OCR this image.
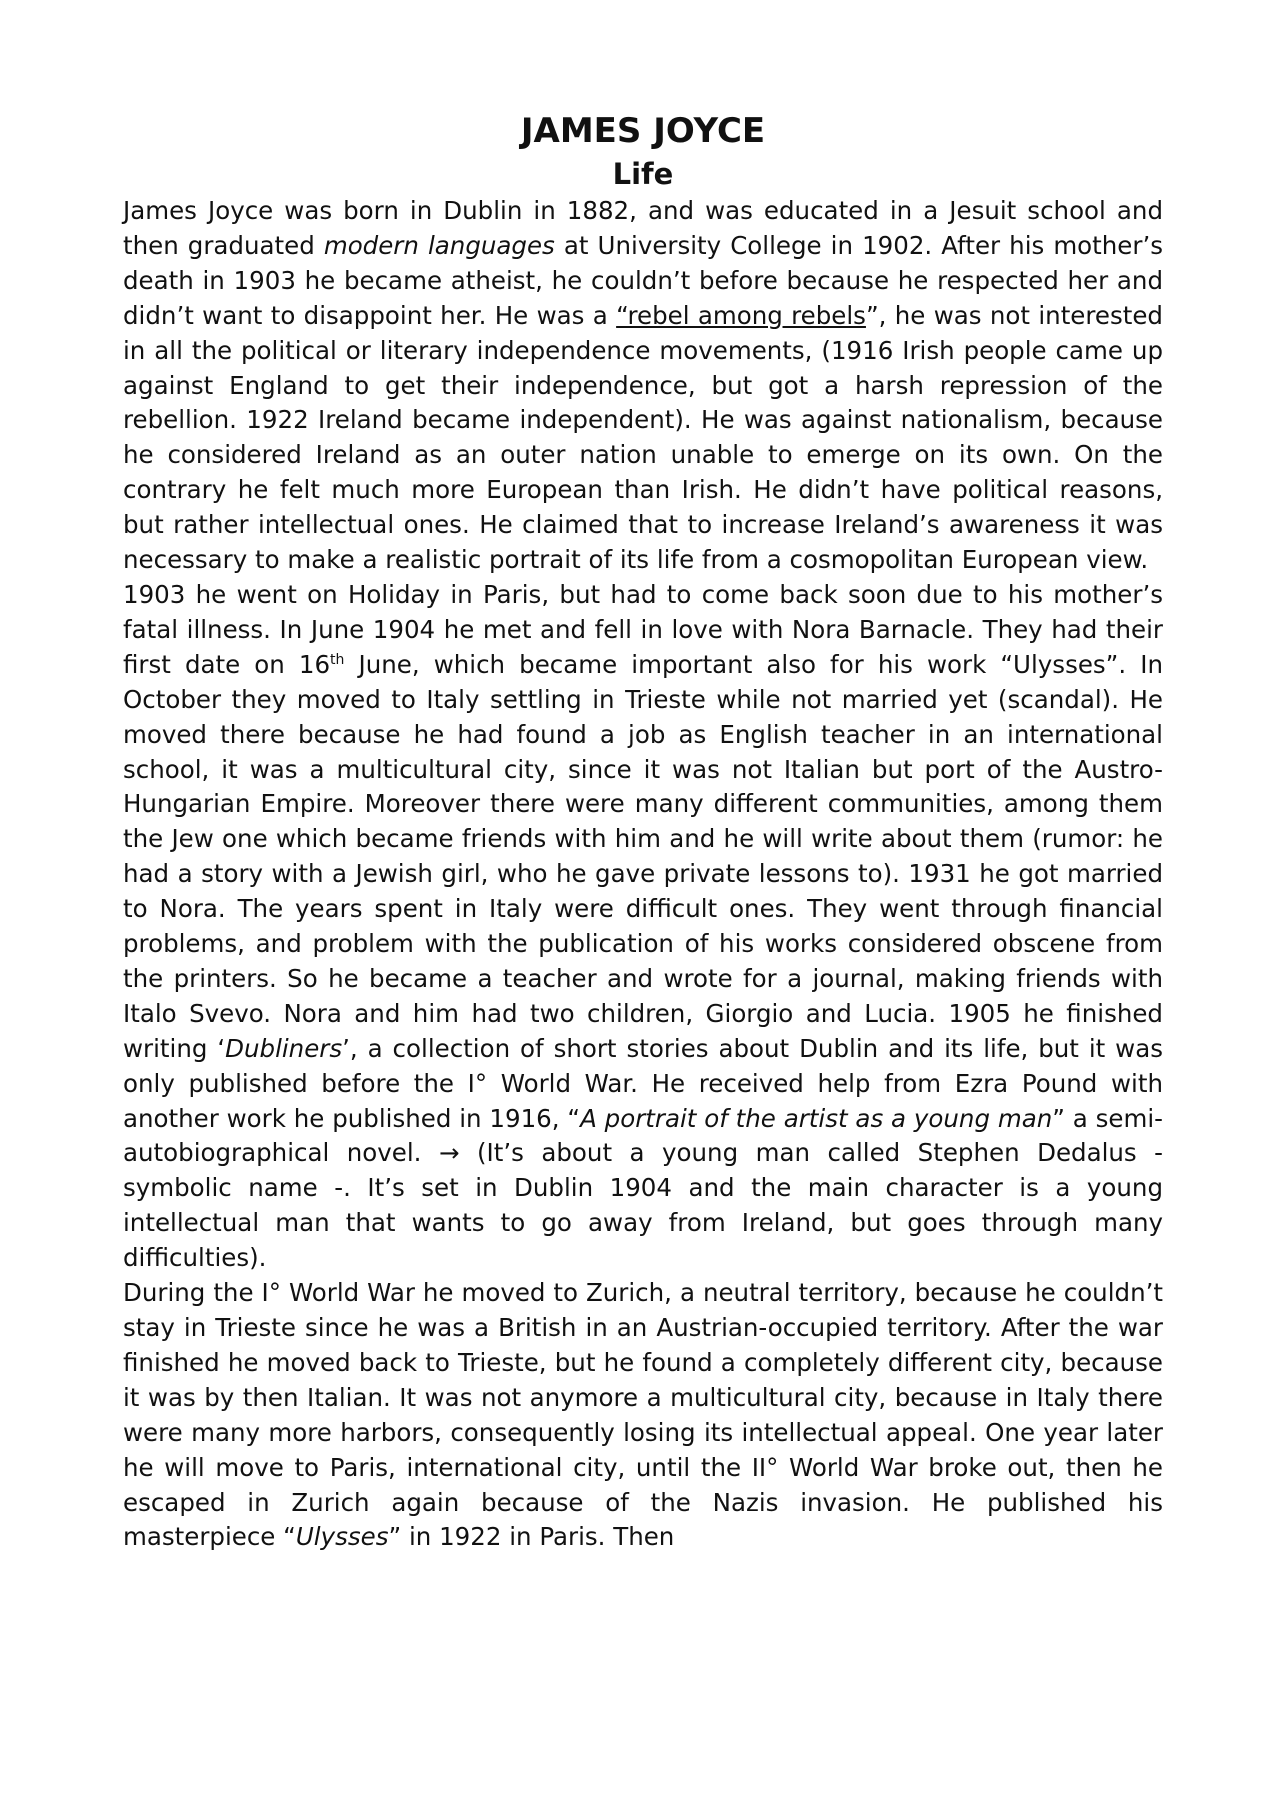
JAMES JOYCE
Life

James Joyce was born in Dublin in 1882, and was educated in a Jesuit school and then graduated modern languages at University College in 1902. After his mother’s death in 1903 he became atheist, he couldn’t before because he respected her and didn’t want to disappoint her. He was a “rebel among rebels”, he was not interested in all the political or literary independence movements, (1916 Irish people came up against England to get their independence, but got a harsh repression of the rebellion. 1922 Ireland became independent). He was against nationalism, because he considered Ireland as an outer nation unable to emerge on its own. On the contrary he felt much more European than Irish. He didn’t have political reasons, but rather intellectual ones. He claimed that to increase Ireland’s awareness it was necessary to make a realistic portrait of its life from a cosmopolitan European view.

1903 he went on Holiday in Paris, but had to come back soon due to his mother’s fatal illness. In June 1904 he met and fell in love with Nora Barnacle. They had their first date on 16th June, which became important also for his work “Ulysses”. In October they moved to Italy settling in Trieste while not married yet (scandal). He moved there because he had found a job as English teacher in an international school, it was a multicultural city, since it was not Italian but port of the Austro-Hungarian Empire. Moreover there were many different communities, among them the Jew one which became friends with him and he will write about them (rumor: he had a story with a Jewish girl, who he gave private lessons to). 1931 he got married to Nora. The years spent in Italy were difficult ones. They went through financial problems, and problem with the publication of his works considered obscene from the printers. So he became a teacher and wrote for a journal, making friends with Italo Svevo. Nora and him had two children, Giorgio and Lucia. 1905 he finished writing ‘Dubliners’, a collection of short stories about Dublin and its life, but it was only published before the I° World War. He received help from Ezra Pound with another work he published in 1916, “A portrait of the artist as a young man” a semi-autobiographical novel. → (It’s about a young man called Stephen Dedalus - symbolic name -. It’s set in Dublin 1904 and the main character is a young intellectual man that wants to go away from Ireland, but goes through many difficulties).

During the I° World War he moved to Zurich, a neutral territory, because he couldn’t stay in Trieste since he was a British in an Austrian-occupied territory. After the war finished he moved back to Trieste, but he found a completely different city, because it was by then Italian. It was not anymore a multicultural city, because in Italy there were many more harbors, consequently losing its intellectual appeal. One year later he will move to Paris, international city, until the II° World War broke out, then he escaped in Zurich again because of the Nazis invasion. He published his masterpiece “Ulysses” in 1922 in Paris. Then
